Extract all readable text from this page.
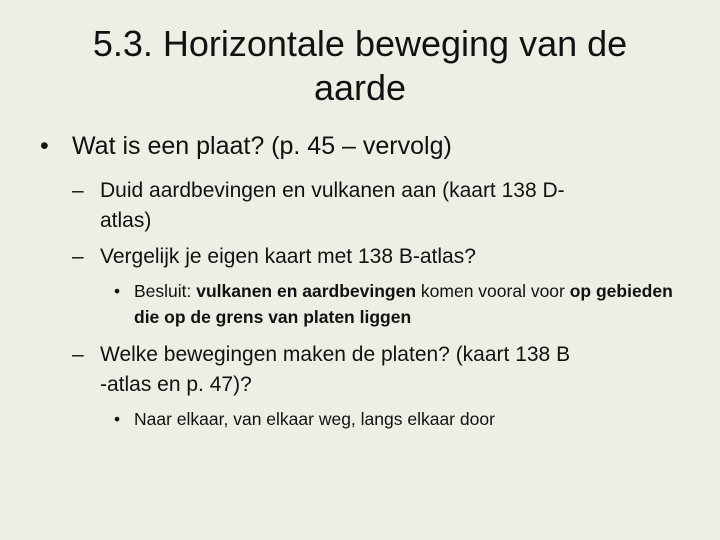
5.3. Horizontale beweging van de
aarde
• Wat is een plaat? (p. 45 – vervolg)
– Duid aardbevingen en vulkanen aan (kaart 138 D-
atlas)
– Vergelijk je eigen kaart met 138 B-atlas?
• Besluit: vulkanen en aardbevingen komen vooral voor op gebieden die op de grens van platen liggen
– Welke bewegingen maken de platen? (kaart 138 B
-atlas en p. 47)?
• Naar elkaar, van elkaar weg, langs elkaar door
